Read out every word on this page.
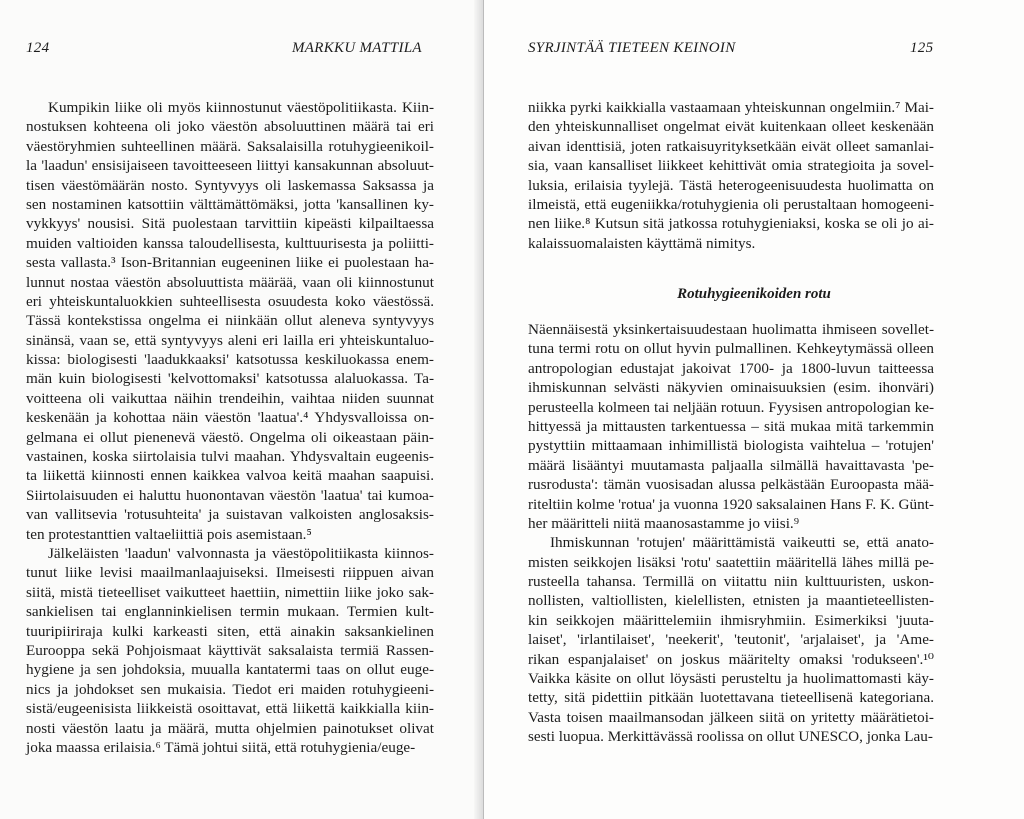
124	MARKKU MATTILA
Kumpikin liike oli myös kiinnostunut väestöpolitiikasta. Kiin-
nostuksen kohteena oli joko väestön absoluuttinen määrä tai eri
väestöryhmien suhteellinen määrä. Saksalaisilla rotuhygieenikoil-
la 'laadun' ensisijaiseen tavoitteeseen liittyi kansakunnan absoluut-
tisen väestömäärän nosto. Syntyvyys oli laskemassa Saksassa ja
sen nostaminen katsottiin välttämättömäksi, jotta 'kansallinen ky-
vykkyys' nousisi. Sitä puolestaan tarvittiin kipeästi kilpailtaessa
muiden valtioiden kanssa taloudellisesta, kulttuurisesta ja poliitti-
sesta vallasta.³ Ison-Britannian eugeeninen liike ei puolestaan ha-
lunnut nostaa väestön absoluuttista määrää, vaan oli kiinnostunut
eri yhteiskuntaluokkien suhteellisesta osuudesta koko väestössä.
Tässä kontekstissa ongelma ei niinkään ollut aleneva syntyvyys
sinänsä, vaan se, että syntyvyys aleni eri lailla eri yhteiskuntaluo-
kissa: biologisesti 'laadukkaaksi' katsotussa keskiluokassa enem-
män kuin biologisesti 'kelvottomaksi' katsotussa alaluokassa. Ta-
voitteena oli vaikuttaa näihin trendeihin, vaihtaa niiden suunnat
keskenään ja kohottaa näin väestön 'laatua'.⁴ Yhdysvalloissa on-
gelmana ei ollut pienenevä väestö. Ongelma oli oikeastaan päin-
vastainen, koska siirtolaisia tulvi maahan. Yhdysvaltain eugeenis-
ta liikettä kiinnosti ennen kaikkea valvoa keitä maahan saapuisi.
Siirtolaisuuden ei haluttu huonontavan väestön 'laatua' tai kumoa-
van vallitsevia 'rotusuhteita' ja suistavan valkoisten anglosaksis-
ten protestanttien valtaeliittiä pois asemistaan.⁵
Jälkeläisten 'laadun' valvonnasta ja väestöpolitiikasta kiinnos-
tunut liike levisi maailmanlaajuiseksi. Ilmeisesti riippuen aivan
siitä, mistä tieteelliset vaikutteet haettiin, nimettiin liike joko sak-
sankielisen tai englanninkielisen termin mukaan. Termien kult-
tuuripiiriraja kulki karkeasti siten, että ainakin saksankielinen
Eurooppa sekä Pohjoismaat käyttivät saksalaista termiä Rassen-
hygiene ja sen johdoksia, muualla kantatermi taas on ollut euge-
nics ja johdokset sen mukaisia. Tiedot eri maiden rotuhygieeni-
sistä/eugeenisista liikkeistä osoittavat, että liikettä kaikkialla kiin-
nosti väestön laatu ja määrä, mutta ohjelmien painotukset olivat
joka maassa erilaisia.⁶ Tämä johtui siitä, että rotuhygienia/euge-
SYRJINTÄÄ TIETEEN KEINOIN	125
niikka pyrki kaikkialla vastaamaan yhteiskunnan ongelmiin.⁷ Mai-
den yhteiskunnalliset ongelmat eivät kuitenkaan olleet keskenään
aivan identtisiä, joten ratkaisuyrityksetkään eivät olleet samanlai-
sia, vaan kansalliset liikkeet kehittivät omia strategioita ja sovel-
luksia, erilaisia tyylejä. Tästä heterogeenisuudesta huolimatta on
ilmeistä, että eugeniikka/rotuhygienia oli perustaltaan homogeeni-
nen liike.⁸ Kutsun sitä jatkossa rotuhygieniaksi, koska se oli jo ai-
kalaissuomalaisten käyttämä nimitys.
Rotuhygieenikoiden rotu
Näennäisestä yksinkertaisuudestaan huolimatta ihmiseen sovellet-
tuna termi rotu on ollut hyvin pulmallinen. Kehkeytymässä olleen
antropologian edustajat jakoivat 1700- ja 1800-luvun taitteessa
ihmiskunnan selvästi näkyvien ominaisuuksien (esim. ihonväri)
perusteella kolmeen tai neljään rotuun. Fyysisen antropologian ke-
hittyessä ja mittausten tarkentuessa – sitä mukaa mitä tarkemmin
pystyttiin mittaamaan inhimillistä biologista vaihtelua – 'rotujen'
määrä lisääntyi muutamasta paljaalla silmällä havaittavasta 'pe-
rusrodusta': tämän vuosisadan alussa pelkästään Euroopasta mää-
riteltiin kolme 'rotua' ja vuonna 1920 saksalainen Hans F. K. Günt-
her määritteli niitä maanosastamme jo viisi.⁹
Ihmiskunnan 'rotujen' määrittämistä vaikeutti se, että anato-
misten seikkojen lisäksi 'rotu' saatettiin määritellä lähes millä pe-
rusteella tahansa. Termillä on viitattu niin kulttuuristen, uskon-
nollisten, valtiollisten, kielellisten, etnisten ja maantieteellisten-
kin seikkojen määrittelemiin ihmisryhmiin. Esimerkiksi 'juuta-
laiset', 'irlantilaiset', 'neekerit', 'teutonit', 'arjalaiset', ja 'Ame-
rikan espanjalaiset' on joskus määritelty omaksi 'rodukseen'.¹⁰
Vaikka käsite on ollut löysästi perusteltu ja huolimattomasti käy-
tetty, sitä pidettiin pitkään luotettavana tieteellisenä kategoriana.
Vasta toisen maailmansodan jälkeen siitä on yritetty määrätietoi-
sesti luopua. Merkittävässä roolissa on ollut UNESCO, jonka Lau-
